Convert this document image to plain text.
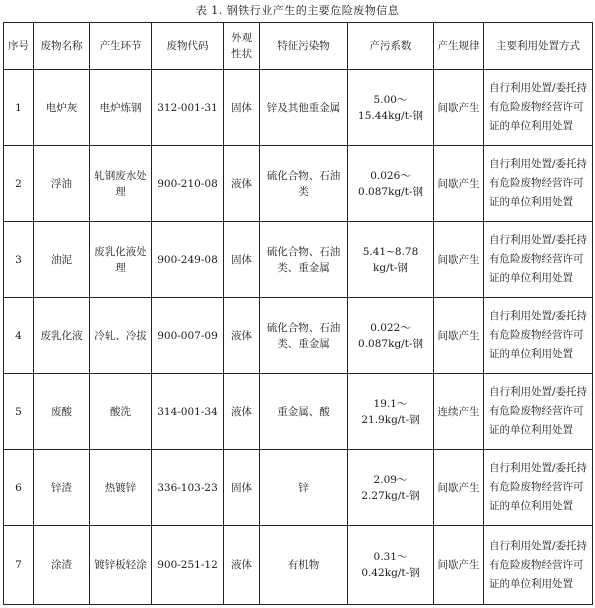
表 1. 钢铁行业产生的主要危险废物信息
序号	废物名称	产生环节	废物代码	外观性状	特征污染物	产污系数	产生规律	主要利用处置方式
1	电炉灰	电炉炼钢	312-001-31	固体	锌及其他重金属	5.00～15.44kg/t-钢	间歇产生	自行利用处置/委托持有危险废物经营许可证的单位利用处置
2	浮油	轧钢废水处理	900-210-08	液体	硫化合物、石油类	0.026～0.087kg/t-钢	间歇产生	自行利用处置/委托持有危险废物经营许可证的单位利用处置
3	油泥	废乳化液处理	900-249-08	固体	硫化合物、石油类、重金属	5.41~8.78 kg/t-钢	间歇产生	自行利用处置/委托持有危险废物经营许可证的单位利用处置
4	废乳化液	冷轧、冷拔	900-007-09	液体	硫化合物、石油类、重金属	0.022～0.087kg/t-钢	间歇产生	自行利用处置/委托持有危险废物经营许可证的单位利用处置
5	废酸	酸洗	314-001-34	液体	重金属、酸	19.1～21.9kg/t-钢	连续产生	自行利用处置/委托持有危险废物经营许可证的单位利用处置
6	锌渣	热镀锌	336-103-23	固体	锌	2.09～2.27kg/t-钢	间歇产生	自行利用处置/委托持有危险废物经营许可证的单位利用处置
7	涂渣	镀锌板轻涂	900-251-12	液体	有机物	0.31～0.42kg/t-钢	间歇产生	自行利用处置/委托持有危险废物经营许可证的单位利用处置
